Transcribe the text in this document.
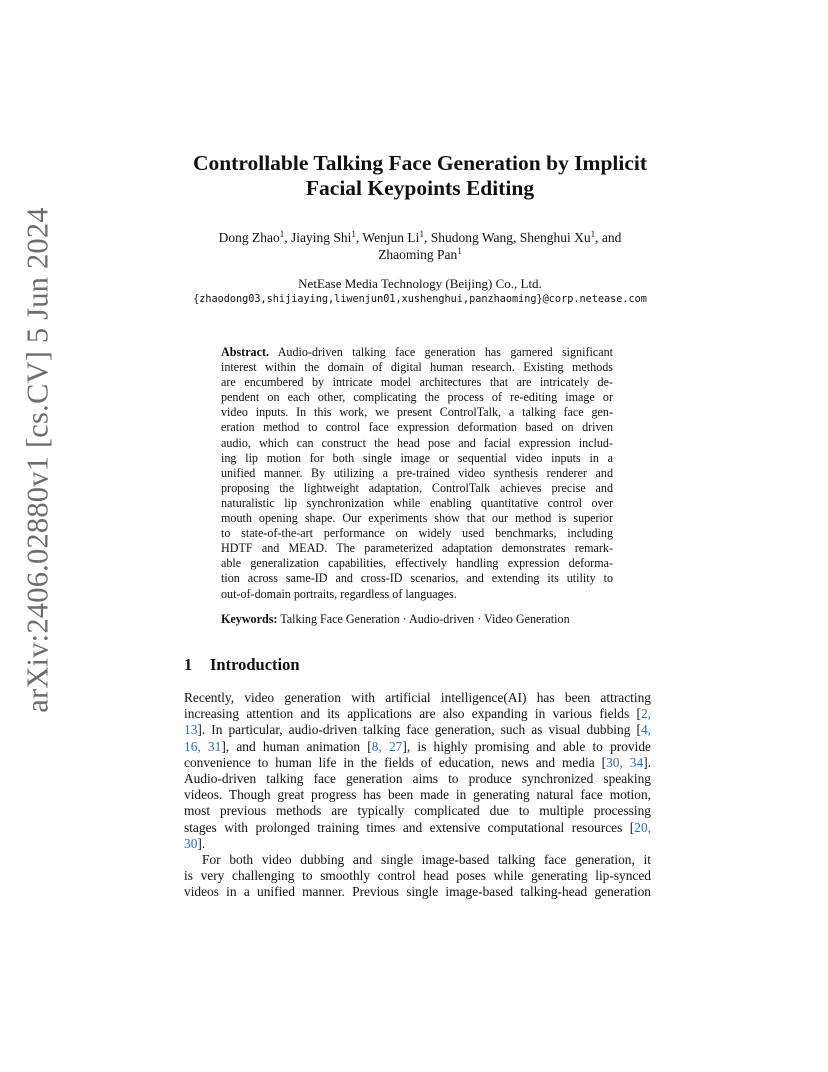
arXiv:2406.02880v1 [cs.CV] 5 Jun 2024
Controllable Talking Face Generation by Implicit
Facial Keypoints Editing
Dong Zhao$^1$, Jiaying Shi$^1$, Wenjun Li$^1$, Shudong Wang, Shenghui Xu$^1$, and
Zhaoming Pan$^1$
NetEase Media Technology (Beijing) Co., Ltd.
{zhaodong03,shijiaying,liwenjun01,xushenghui,panzhaoming}@corp.netease.com
Abstract. Audio-driven talking face generation has garnered significant
interest within the domain of digital human research. Existing methods
are encumbered by intricate model architectures that are intricately de-
pendent on each other, complicating the process of re-editing image or
video inputs. In this work, we present ControlTalk, a talking face gen-
eration method to control face expression deformation based on driven
audio, which can construct the head pose and facial expression includ-
ing lip motion for both single image or sequential video inputs in a
unified manner. By utilizing a pre-trained video synthesis renderer and
proposing the lightweight adaptation, ControlTalk achieves precise and
naturalistic lip synchronization while enabling quantitative control over
mouth opening shape. Our experiments show that our method is superior
to state-of-the-art performance on widely used benchmarks, including
HDTF and MEAD. The parameterized adaptation demonstrates remark-
able generalization capabilities, effectively handling expression deforma-
tion across same-ID and cross-ID scenarios, and extending its utility to
out-of-domain portraits, regardless of languages.
Keywords: Talking Face Generation · Audio-driven · Video Generation
1 Introduction
Recently, video generation with artificial intelligence(AI) has been attracting
increasing attention and its applications are also expanding in various fields [2,
13]. In particular, audio-driven talking face generation, such as visual dubbing [4,
16, 31], and human animation [8, 27], is highly promising and able to provide
convenience to human life in the fields of education, news and media [30, 34].
Audio-driven talking face generation aims to produce synchronized speaking
videos. Though great progress has been made in generating natural face motion,
most previous methods are typically complicated due to multiple processing
stages with prolonged training times and extensive computational resources [20,
30].
For both video dubbing and single image-based talking face generation, it
is very challenging to smoothly control head poses while generating lip-synced
videos in a unified manner. Previous single image-based talking-head generation
